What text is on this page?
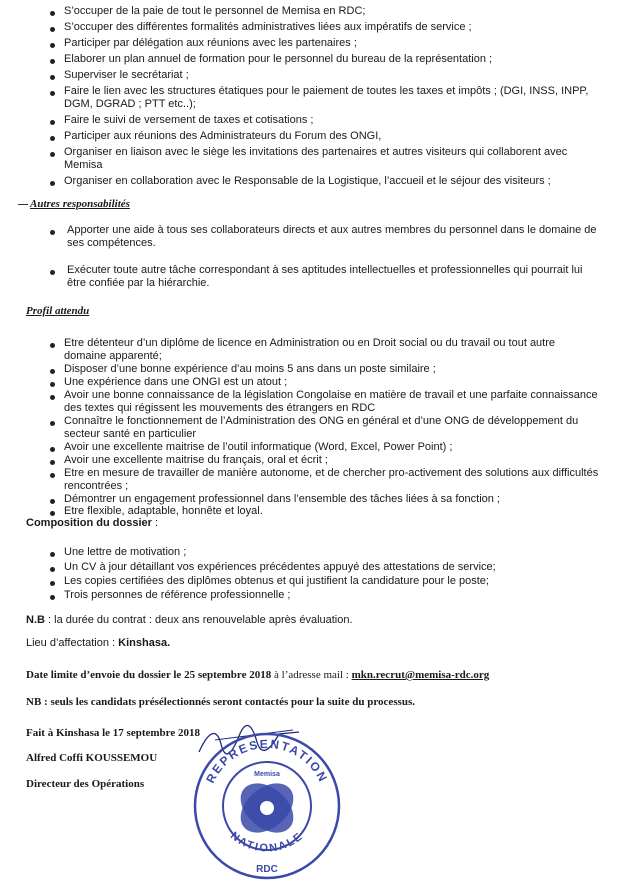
S’occuper de la paie de tout le personnel de Memisa en RDC;
S’occuper des différentes formalités administratives liées aux impératifs de service ;
Participer par délégation aux réunions avec les partenaires ;
Elaborer un plan annuel de formation pour le personnel du bureau de la représentation ;
Superviser le secrétariat ;
Faire le lien avec les structures étatiques pour le paiement de toutes les taxes et impôts ; (DGI, INSS, INPP,
DGM, DGRAD ; PTT etc..);
Faire le suivi de versement de taxes et cotisations ;
Participer aux réunions des Administrateurs du Forum des ONGI,
Organiser en liaison avec le siège les invitations des partenaires et autres visiteurs qui collaborent avec
Memisa
Organiser en collaboration avec le Responsable de la Logistique, l’accueil et le séjour des visiteurs ;
Autres responsabilités
Apporter une aide à tous ses collaborateurs directs et aux autres membres du personnel dans le domaine de
ses compétences.
Exécuter toute autre tâche correspondant à ses aptitudes intellectuelles et professionnelles qui pourrait lui
être confiée par la hiérarchie.
Profil attendu
Etre détenteur d’un diplôme de licence en Administration ou en Droit social ou du travail ou tout autre
domaine apparenté;
Disposer d’une bonne expérience d’au moins 5 ans dans un poste similaire ;
Une expérience dans une ONGI est un atout ;
Avoir une bonne connaissance de la législation Congolaise en matière de travail et une parfaite connaissance
des textes qui régissent les mouvements des étrangers en RDC
Connaître le fonctionnement de l’Administration des ONG en général et d’une ONG de développement du
secteur santé en particulier
Avoir une excellente maitrise de l’outil informatique (Word, Excel, Power Point) ;
Avoir une excellente maitrise du français, oral et écrit ;
Etre en mesure de travailler de manière autonome, et de chercher pro-activement des solutions aux difficultés
rencontrées ;
Démontrer un engagement professionnel dans l’ensemble des tâches liées à sa fonction ;
Etre flexible, adaptable, honnête et loyal.
Composition du dossier :
Une lettre de motivation ;
Un CV à jour détaillant vos expériences précédentes appuyé des attestations de service;
Les copies certifiées des diplômes obtenus et qui justifient la candidature pour le poste;
Trois personnes de référence professionnelle ;
N.B : la durée du contrat : deux ans renouvelable après évaluation.
Lieu d’affectation : Kinshasa.
Date limite d’envoie du dossier le 25 septembre 2018 à l’adresse mail : mkn.recrut@memisa-rdc.org
NB : seuls les candidats présélectionnés seront contactés pour la suite du processus.
Fait à Kinshasa le 17 septembre 2018
Alfred Coffi KOUSSEMOU
Directeur des Opérations	REPRESENTATION
NATIONALE
RDC
Memisa
